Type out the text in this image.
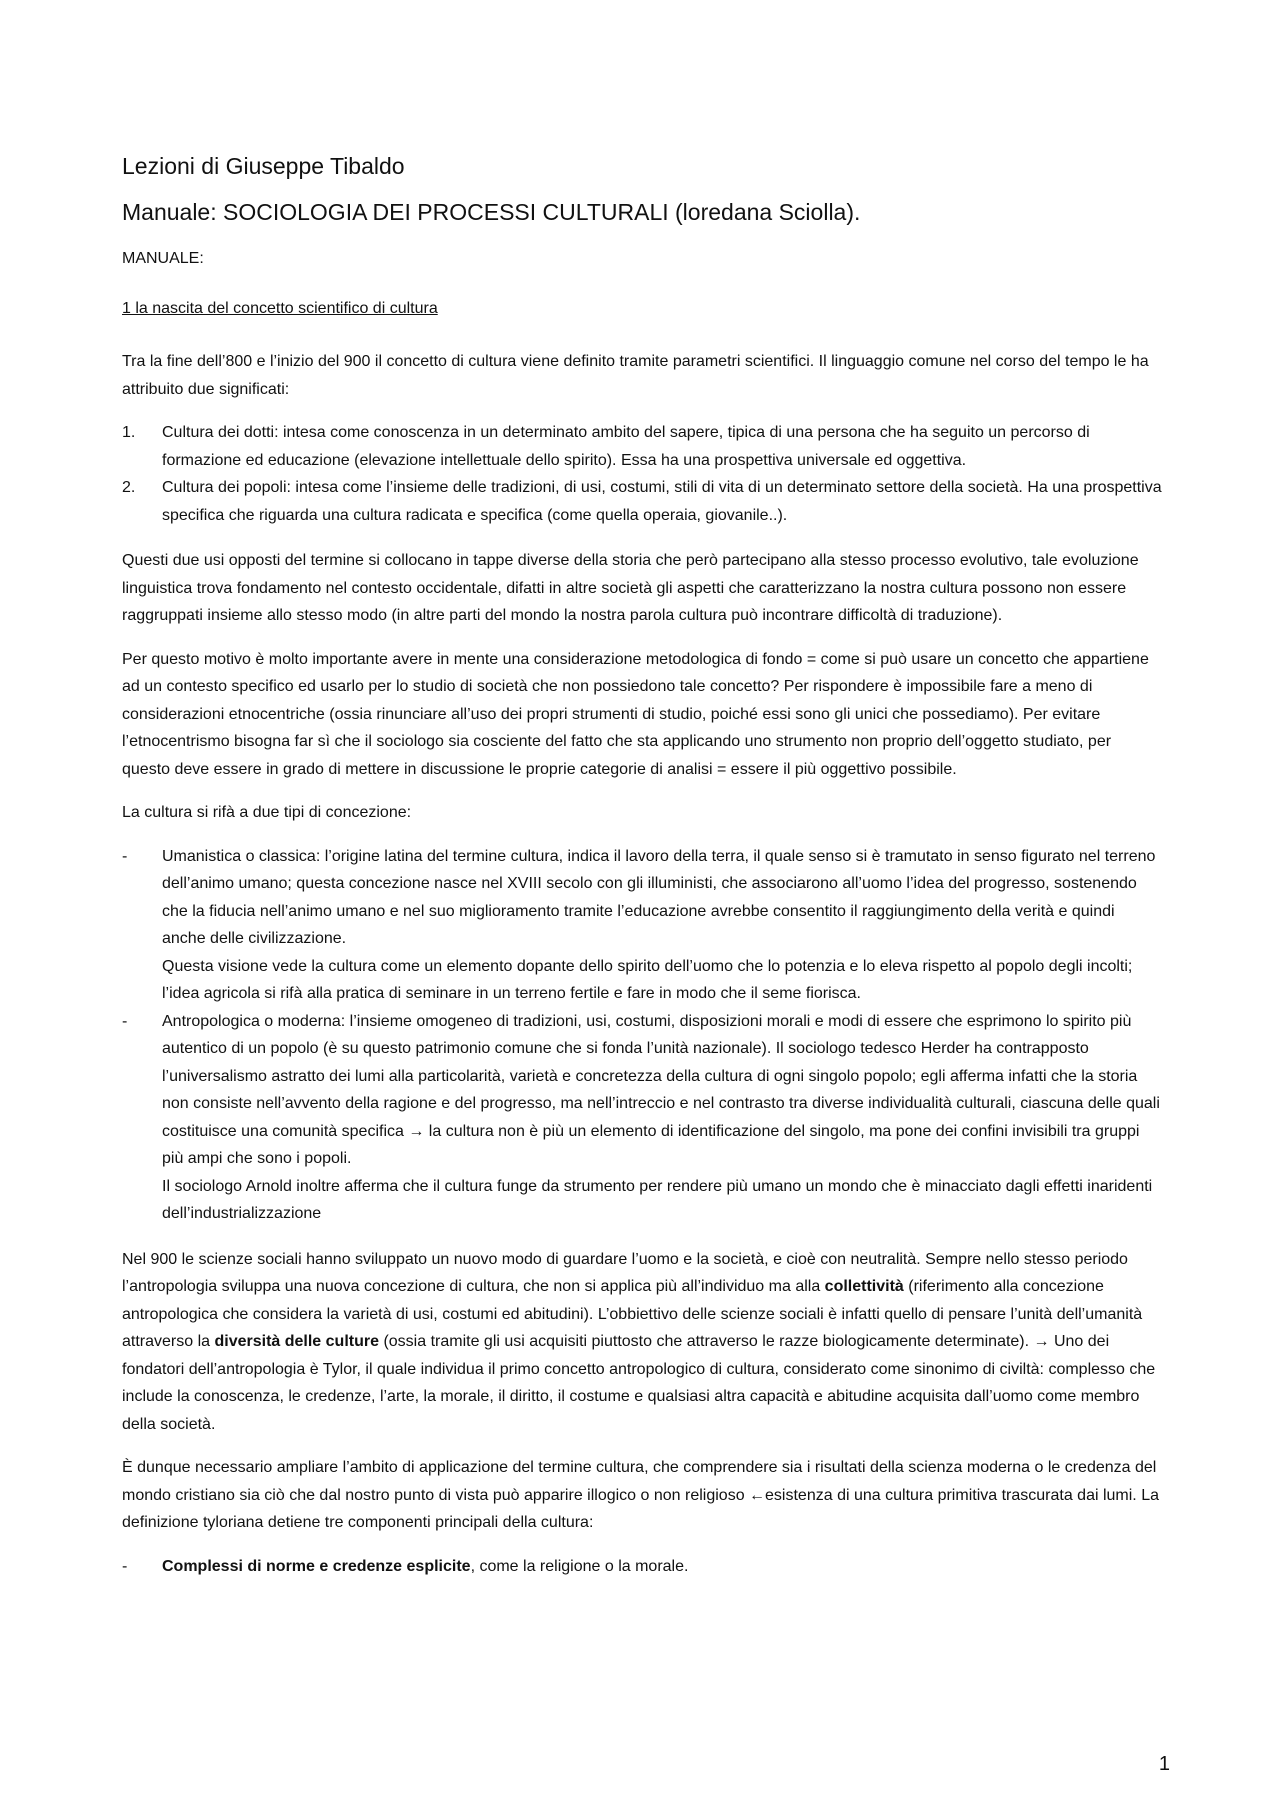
Lezioni di Giuseppe Tibaldo
Manuale: SOCIOLOGIA DEI PROCESSI CULTURALI (loredana Sciolla).
MANUALE:
1 la nascita del concetto scientifico di cultura

Tra la fine dell’800 e l’inizio del 900 il concetto di cultura viene definito tramite parametri scientifici. Il linguaggio comune nel corso del tempo le ha attribuito due significati:

1.	Cultura dei dotti: intesa come conoscenza in un determinato ambito del sapere, tipica di una persona che ha seguito un percorso di formazione ed educazione (elevazione intellettuale dello spirito). Essa ha una prospettiva universale ed oggettiva.
2.	Cultura dei popoli: intesa come l’insieme delle tradizioni, di usi, costumi, stili di vita di un determinato settore della società. Ha una prospettiva specifica che riguarda una cultura radicata e specifica (come quella operaia, giovanile..).

Questi due usi opposti del termine si collocano in tappe diverse della storia che però partecipano alla stesso processo evolutivo, tale evoluzione linguistica trova fondamento nel contesto occidentale, difatti in altre società gli aspetti che caratterizzano la nostra cultura possono non essere raggruppati insieme allo stesso modo (in altre parti del mondo la nostra parola cultura può incontrare difficoltà di traduzione).

Per questo motivo è molto importante avere in mente una considerazione metodologica di fondo = come si può usare un concetto che appartiene ad un contesto specifico ed usarlo per lo studio di società che non possiedono tale concetto? Per rispondere è impossibile fare a meno di considerazioni etnocentriche (ossia rinunciare all’uso dei propri strumenti di studio, poiché essi sono gli unici che possediamo). Per evitare l’etnocentrismo bisogna far sì che il sociologo sia cosciente del fatto che sta applicando uno strumento non proprio dell’oggetto studiato, per questo deve essere in grado di mettere in discussione le proprie categorie di analisi = essere il più oggettivo possibile.

La cultura si rifà a due tipi di concezione:

-	Umanistica o classica: l’origine latina del termine cultura, indica il lavoro della terra, il quale senso si è tramutato in senso figurato nel terreno dell’animo umano; questa concezione nasce nel XVIII secolo con gli illuministi, che associarono all’uomo l’idea del progresso, sostenendo che la fiducia nell’animo umano e nel suo miglioramento tramite l’educazione avrebbe consentito il raggiungimento della verità e quindi anche delle civilizzazione.
Questa visione vede la cultura come un elemento dopante dello spirito dell’uomo che lo potenzia e lo eleva rispetto al popolo degli incolti; l’idea agricola si rifà alla pratica di seminare in un terreno fertile e fare in modo che il seme fiorisca.
-	Antropologica o moderna: l’insieme omogeneo di tradizioni, usi, costumi, disposizioni morali e modi di essere che esprimono lo spirito più autentico di un popolo (è su questo patrimonio comune che si fonda l’unità nazionale). Il sociologo tedesco Herder ha contrapposto l’universalismo astratto dei lumi alla particolarità, varietà e concretezza della cultura di ogni singolo popolo; egli afferma infatti che la storia non consiste nell’avvento della ragione e del progresso, ma nell’intreccio e nel contrasto tra diverse individualità culturali, ciascuna delle quali costituisce una comunità specifica → la cultura non è più un elemento di identificazione del singolo, ma pone dei confini invisibili tra gruppi più ampi che sono i popoli.
Il sociologo Arnold inoltre afferma che il cultura funge da strumento per rendere più umano un mondo che è minacciato dagli effetti inaridenti dell’industrializzazione

Nel 900 le scienze sociali hanno sviluppato un nuovo modo di guardare l’uomo e la società, e cioè con neutralità. Sempre nello stesso periodo l’antropologia sviluppa una nuova concezione di cultura, che non si applica più all’individuo ma alla collettività (riferimento alla concezione antropologica che considera la varietà di usi, costumi ed abitudini). L’obbiettivo delle scienze sociali è infatti quello di pensare l’unità dell’umanità attraverso la diversità delle culture (ossia tramite gli usi acquisiti piuttosto che attraverso le razze biologicamente determinate). → Uno dei fondatori dell’antropologia è Tylor, il quale individua il primo concetto antropologico di cultura, considerato come sinonimo di civiltà: complesso che include la conoscenza, le credenze, l’arte, la morale, il diritto, il costume e qualsiasi altra capacità e abitudine acquisita dall’uomo come membro della società.

È dunque necessario ampliare l’ambito di applicazione del termine cultura, che comprendere sia i risultati della scienza moderna o le credenza del mondo cristiano sia ciò che dal nostro punto di vista può apparire illogico o non religioso ←esistenza di una cultura primitiva trascurata dai lumi. La definizione tyloriana detiene tre componenti principali della cultura:

-	Complessi di norme e credenze esplicite, come la religione o la morale.
1
